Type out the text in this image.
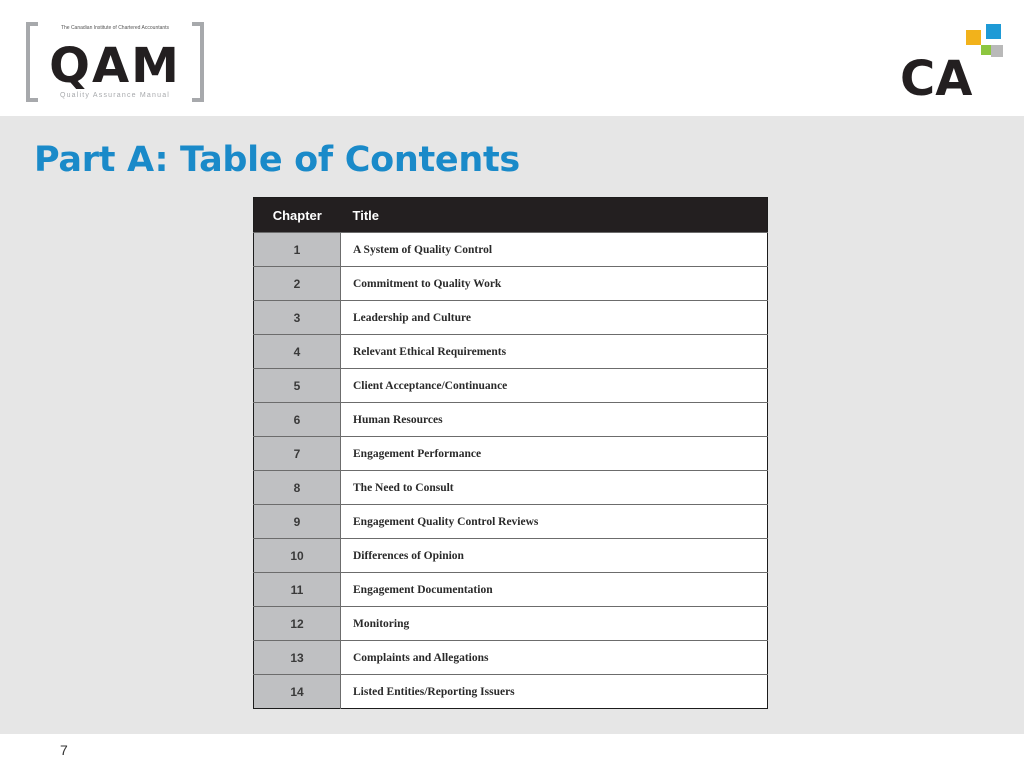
The Canadian Institute of Chartered Accountants
QAM
Quality Assurance Manual	CA
Part A: Table of Contents
Chapter	Title
1	A System of Quality Control
2	Commitment to Quality Work
3	Leadership and Culture
4	Relevant Ethical Requirements
5	Client Acceptance/Continuance
6	Human Resources
7	Engagement Performance
8	The Need to Consult
9	Engagement Quality Control Reviews
10	Differences of Opinion
11	Engagement Documentation
12	Monitoring
13	Complaints and Allegations
14	Listed Entities/Reporting Issuers
7
